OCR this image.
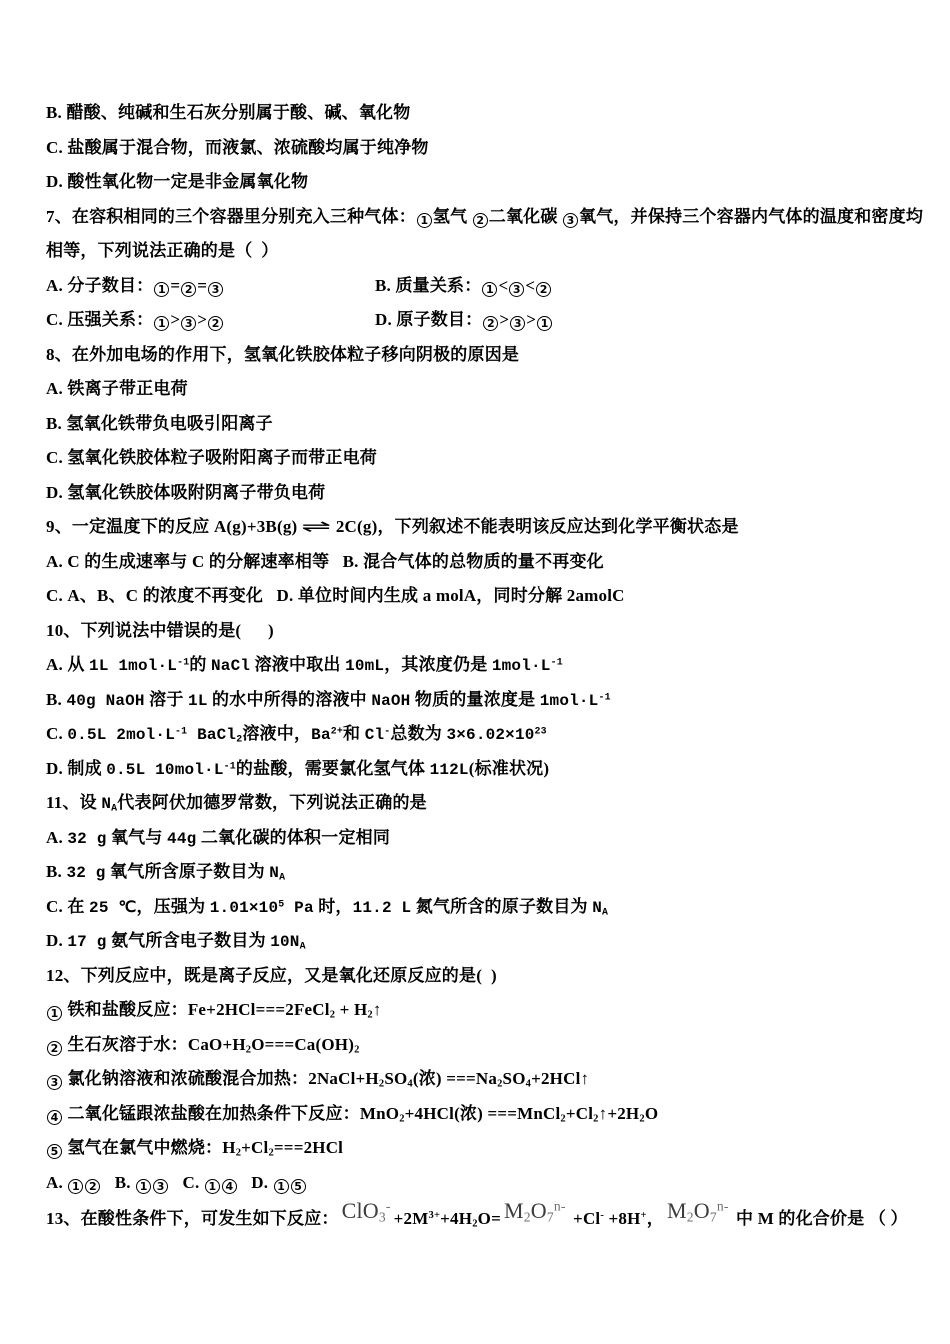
B. 醋酸、纯碱和生石灰分别属于酸、碱、氧化物
C. 盐酸属于混合物，而液氯、浓硫酸均属于纯净物
D. 酸性氧化物一定是非金属氧化物
7、在容积相同的三个容器里分别充入三种气体： 1 氢气 2 二氧化碳 3 氧气，并保持三个容器内气体的温度和密度均
相等，下列说法正确的是（  ）
A. 分子数目： 1 = 2 = 3	B. 质量关系： 1 < 3 < 2
C. 压强关系： 1 > 3 > 2	D. 原子数目： 2 > 3 > 1
8、在外加电场的作用下，氢氧化铁胶体粒子移向阴极的原因是
A. 铁离子带正电荷
B. 氢氧化铁带负电吸引阳离子
C. 氢氧化铁胶体粒子吸附阳离子而带正电荷
D. 氢氧化铁胶体吸附阴离子带负电荷
9、一定温度下的反应 A(g)+3B(g) ⇌ 2C(g)，下列叙述不能表明该反应达到化学平衡状态是
A. C 的生成速率与 C 的分解速率相等   B. 混合气体的总物质的量不再变化
C. A、B、C 的浓度不再变化   D. 单位时间内生成 a molA，同时分解 2amolC
10、下列说法中错误的是(      )
A. 从 1L $1mol\cdot L^{-1}$的 NaCl 溶液中取出 10mL，其浓度仍是 $1mol\cdot L^{-1}$
B. 40g NaOH 溶于 1L 的水中所得的溶液中 NaOH 物质的量浓度是 $1mol\cdot L^{-1}$
C. 0.5L $2mol\cdot L^{-1}$ BaCl$_2$溶液中，$Ba^{2+}$和 Cl-总数为 $3\times 6.02\times 10^{23}$
D. 制成 0.5L $10mol\cdot L^{-1}$的盐酸，需要氯化氢气体 112L(标准状况)
11、设 $N_A$代表阿伏加德罗常数，下列说法正确的是
A. 32 g 氧气与 44g 二氧化碳的体积一定相同
B. 32 g 氧气所含原子数目为 $N_A$
C. 在 25 ℃，压强为 $1.01\times 10^5$ Pa 时，11.2 L 氮气所含的原子数目为 $N_A$
D. 17 g 氨气所含电子数目为 $10N_A$
12、下列反应中，既是离子反应，又是氧化还原反应的是(  )
1 铁和盐酸反应：Fe+2HCl===2FeCl$_2$ + $H_2↑$
2 生石灰溶于水：$CaO+H_2O===Ca(OH)_2$
3 氯化钠溶液和浓硫酸混合加热：$2NaCl+H_2SO_4$(浓) $===Na_2SO_4+2HCl↑$
4 二氧化锰跟浓盐酸在加热条件下反应：MnO$_2$+4HCl(浓) $===MnCl_2+Cl_2↑+2H_2O$
5 氢气在氯气中燃烧：$H_2+Cl_2===2HCl$
A. 1 2   B. 1 3   C. 1 4   D. 1 5
13、在酸性条件下，可发生如下反应： $ClO_3^-+2M^{3+}+4H_2O= M_2O_7^{n-} +Cl^- +8H^+$， $M_2O_7^{n-}$ 中 M 的化合价是 （ ）
